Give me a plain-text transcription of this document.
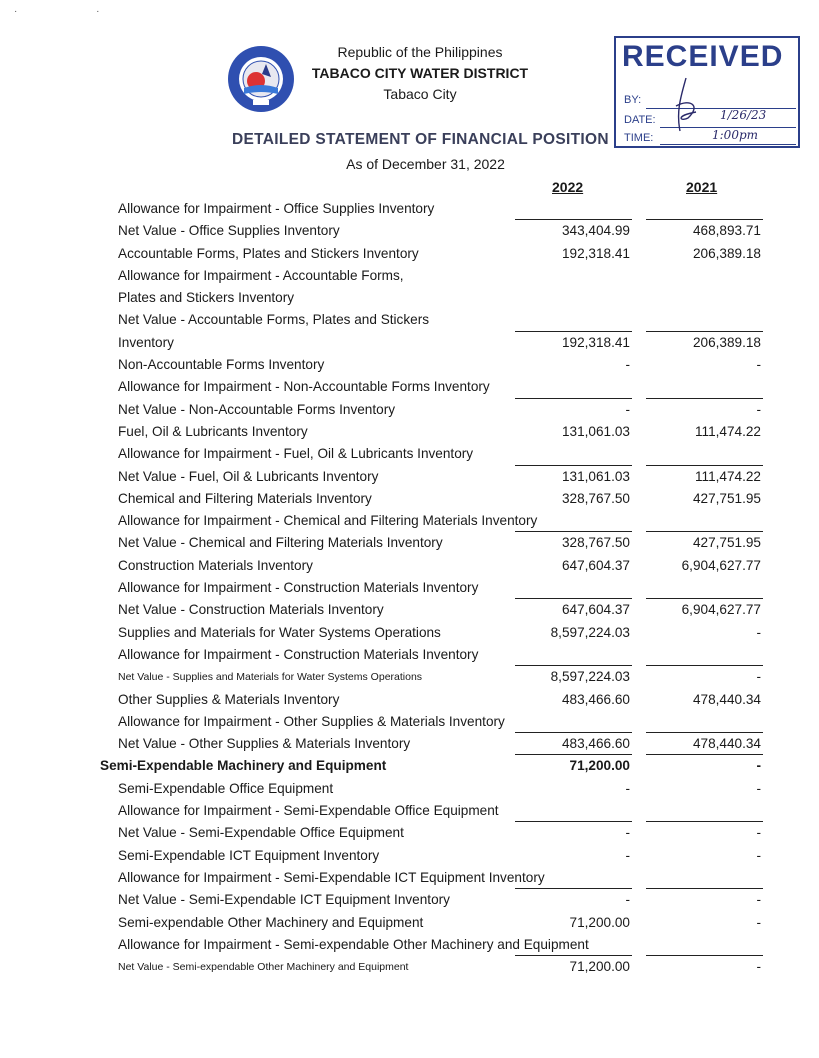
· ·
Republic of the Philippines
TABACO CITY WATER DISTRICT
Tabaco City
RECEIVED
BY:
DATE:
TIME:
1/26/23
1:00pm
DETAILED STATEMENT OF FINANCIAL POSITION
As of December 31, 2022
2022	2021
Allowance for Impairment - Office Supplies Inventory
Net Value - Office Supplies Inventory	343,404.99	468,893.71
Accountable Forms, Plates and Stickers Inventory	192,318.41	206,389.18
Allowance for Impairment - Accountable Forms,
Plates and Stickers Inventory
Net Value - Accountable Forms, Plates and Stickers
Inventory	192,318.41	206,389.18
Non-Accountable Forms Inventory	-	-
Allowance for Impairment - Non-Accountable Forms Inventory
Net Value - Non-Accountable Forms Inventory	-	-
Fuel, Oil & Lubricants Inventory	131,061.03	111,474.22
Allowance for Impairment - Fuel, Oil & Lubricants Inventory
Net Value - Fuel, Oil & Lubricants Inventory	131,061.03	111,474.22
Chemical and Filtering Materials Inventory	328,767.50	427,751.95
Allowance for Impairment - Chemical and Filtering Materials Inventory
Net Value - Chemical and Filtering Materials Inventory	328,767.50	427,751.95
Construction Materials Inventory	647,604.37	6,904,627.77
Allowance for Impairment - Construction Materials Inventory
Net Value - Construction Materials Inventory	647,604.37	6,904,627.77
Supplies and Materials for Water Systems Operations	8,597,224.03	-
Allowance for Impairment - Construction Materials Inventory
Net Value - Supplies and Materials for Water Systems Operations	8,597,224.03	-
Other Supplies & Materials Inventory	483,466.60	478,440.34
Allowance for Impairment - Other Supplies & Materials Inventory
Net Value - Other Supplies & Materials Inventory	483,466.60	478,440.34
Semi-Expendable Machinery and Equipment	71,200.00	-
Semi-Expendable Office Equipment	-	-
Allowance for Impairment - Semi-Expendable Office Equipment
Net Value - Semi-Expendable Office Equipment	-	-
Semi-Expendable ICT Equipment Inventory	-	-
Allowance for Impairment - Semi-Expendable ICT Equipment Inventory
Net Value - Semi-Expendable ICT Equipment Inventory	-	-
Semi-expendable Other Machinery and Equipment	71,200.00	-
Allowance for Impairment - Semi-expendable Other Machinery and Equipment
Net Value - Semi-expendable Other Machinery and Equipment	71,200.00	-
